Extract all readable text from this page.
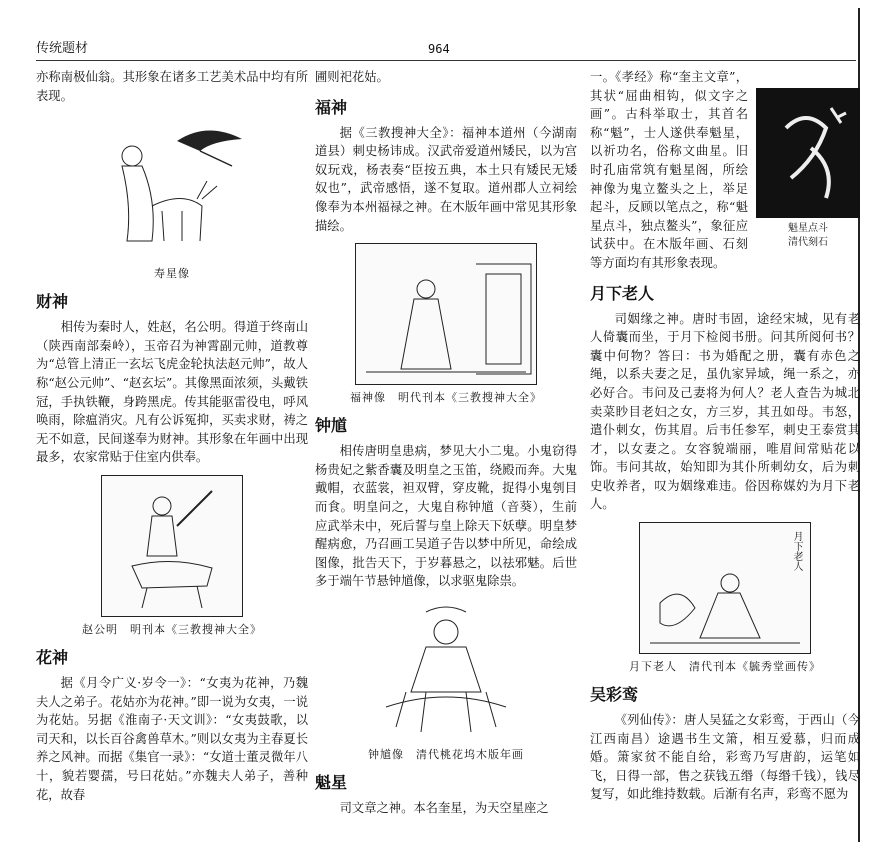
传统题材	964

亦称南极仙翁。其形象在诸多工艺美术品中均有所表现。

寿星像
财神

相传为秦时人，姓赵，名公明。得道于终南山（陕西南部秦岭），玉帝召为神霄副元帅，道教尊为“总管上清正一玄坛飞虎金轮执法赵元帅”，故人称“赵公元帅”、“赵玄坛”。其像黑面浓须，头戴铁冠，手执铁鞭，身跨黑虎。传其能驱雷役电，呼风唤雨，除瘟消灾。凡有公诉冤抑，买卖求财，祷之无不如意，民间遂奉为财神。其形象在年画中出现最多，农家常贴于住室内供奉。

赵公明　明刊本《三教搜神大全》
花神

据《月令广义·岁令一》：“女夷为花神，乃魏夫人之弟子。花姑亦为花神。”即一说为女夷，一说为花姑。另据《淮南子·天文训》：“女夷鼓歌，以司天和，以长百谷禽兽草木。”则以女夷为主春夏长养之风神。而据《集官一录》：“女道士董灵微年八十，貌若婴孺，号曰花姑。”亦魏夫人弟子，善种花，故春

圃则祀花姑。

福神

据《三教搜神大全》：福神本道州（今湖南道县）刺史杨讳成。汉武帝爱道州矮民，以为宫奴玩戏，杨表奏“臣按五典，本土只有矮民无矮奴也”，武帝感悟，遂不复取。道州郡人立祠绘像奉为本州福禄之神。在木版年画中常见其形象描绘。

福神像　明代刊本《三教搜神大全》
钟馗

相传唐明皇患病，梦见大小二鬼。小鬼窃得杨贵妃之紫香囊及明皇之玉笛，绕殿而奔。大鬼戴帽，衣蓝裳，袒双臂，穿皮靴，捉得小鬼刳目而食。明皇问之，大鬼自称钟馗（音葵），生前应武举未中，死后誓与皇上除天下妖孽。明皇梦醒病愈，乃召画工吴道子告以梦中所见，命绘成图像，批告天下，于岁暮悬之，以祛邪魅。后世多于端午节悬钟馗像，以求驱鬼除祟。

钟馗像　清代桃花坞木版年画
魁星

司文章之神。本名奎星，为天空星座之

一。《孝经》称“奎主文章”，其状“屈曲相钩，似文字之画”。古科举取士，其首名称“魁”，士人遂供奉魁星，以祈功名，俗称文曲星。旧时孔庙常筑有魁星阁，所绘神像为鬼立鳌头之上，举足起斗，反顾以笔点之，称“魁星点斗，独点鳌头”，象征应试获中。在木版年画、石刻等方面均有其形象表现。

魁星点斗
清代刻石
月下老人

司姻缘之神。唐时韦固，途经宋城，见有老人倚囊而坐，于月下检阅书册。问其所阅何书？囊中何物？答曰：书为婚配之册，囊有赤色之绳，以系夫妻之足，虽仇家异域，绳一系之，亦必好合。韦问及己妻将为何人？老人查告为城北卖菜眇目老妇之女，方三岁，其丑如母。韦怒，遣仆刺女，伤其眉。后韦任参军，刺史王泰赏其才，以女妻之。女容貌端丽，唯眉间常贴花以饰。韦问其故，始知即为其仆所刺幼女，后为刺史收养者，叹为姻缘难违。俗因称媒妁为月下老人。

月下老人
月下老人　清代刊本《毓秀堂画传》
吴彩鸾

《列仙传》：唐人吴猛之女彩鸾，于西山（今江西南昌）途遇书生文箫，相互爱慕，归而成婚。箫家贫不能自给，彩鸾乃写唐韵，运笔如飞，日得一部，售之获钱五缗（每缗千钱），钱尽复写，如此维持数载。后渐有名声，彩鸾不愿为
